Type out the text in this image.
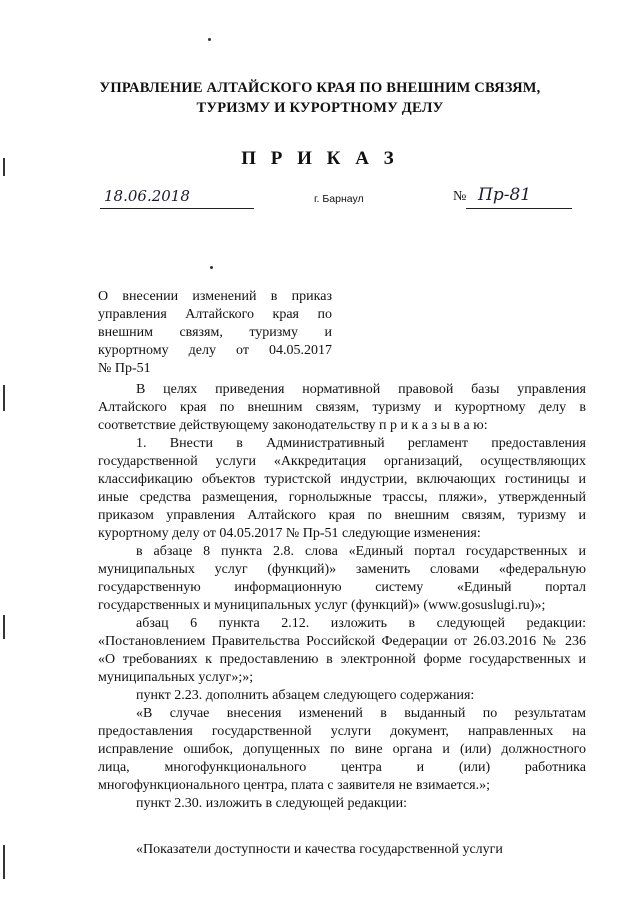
УПРАВЛЕНИЕ АЛТАЙСКОГО КРАЯ ПО ВНЕШНИМ СВЯЗЯМ,
ТУРИЗМУ И КУРОРТНОМУ ДЕЛУ
П Р И К А З
18.06.2018	г. Барнаул	№ Пр-81
О внесении изменений в приказ
управления Алтайского края по
внешним связям, туризму и
курортному делу от 04.05.2017
№ Пр-51
В целях приведения нормативной правовой базы управления
Алтайского края по внешним связям, туризму и курортному делу в
соответствие действующему законодательству п р и к а з ы в а ю:
1. Внести в Административный регламент предоставления
государственной услуги «Аккредитация организаций, осуществляющих
классификацию объектов туристской индустрии, включающих гостиницы и
иные средства размещения, горнолыжные трассы, пляжи», утвержденный
приказом управления Алтайского края по внешним связям, туризму и
курортному делу от 04.05.2017 № Пр-51 следующие изменения:
в абзаце 8 пункта 2.8. слова «Единый портал государственных и
муниципальных услуг (функций)» заменить словами «федеральную
государственную информационную систему «Единый портал
государственных и муниципальных услуг (функций)» (www.gosuslugi.ru)»;
абзац 6 пункта 2.12. изложить в следующей редакции:
«Постановлением Правительства Российской Федерации от 26.03.2016 № 236
«О требованиях к предоставлению в электронной форме государственных и
муниципальных услуг»;»;
пункт 2.23. дополнить абзацем следующего содержания:
«В случае внесения изменений в выданный по результатам
предоставления государственной услуги документ, направленных на
исправление ошибок, допущенных по вине органа и (или) должностного
лица, многофункционального центра и (или) работника
многофункционального центра, плата с заявителя не взимается.»;
пункт 2.30. изложить в следующей редакции:
«Показатели доступности и качества государственной услуги
